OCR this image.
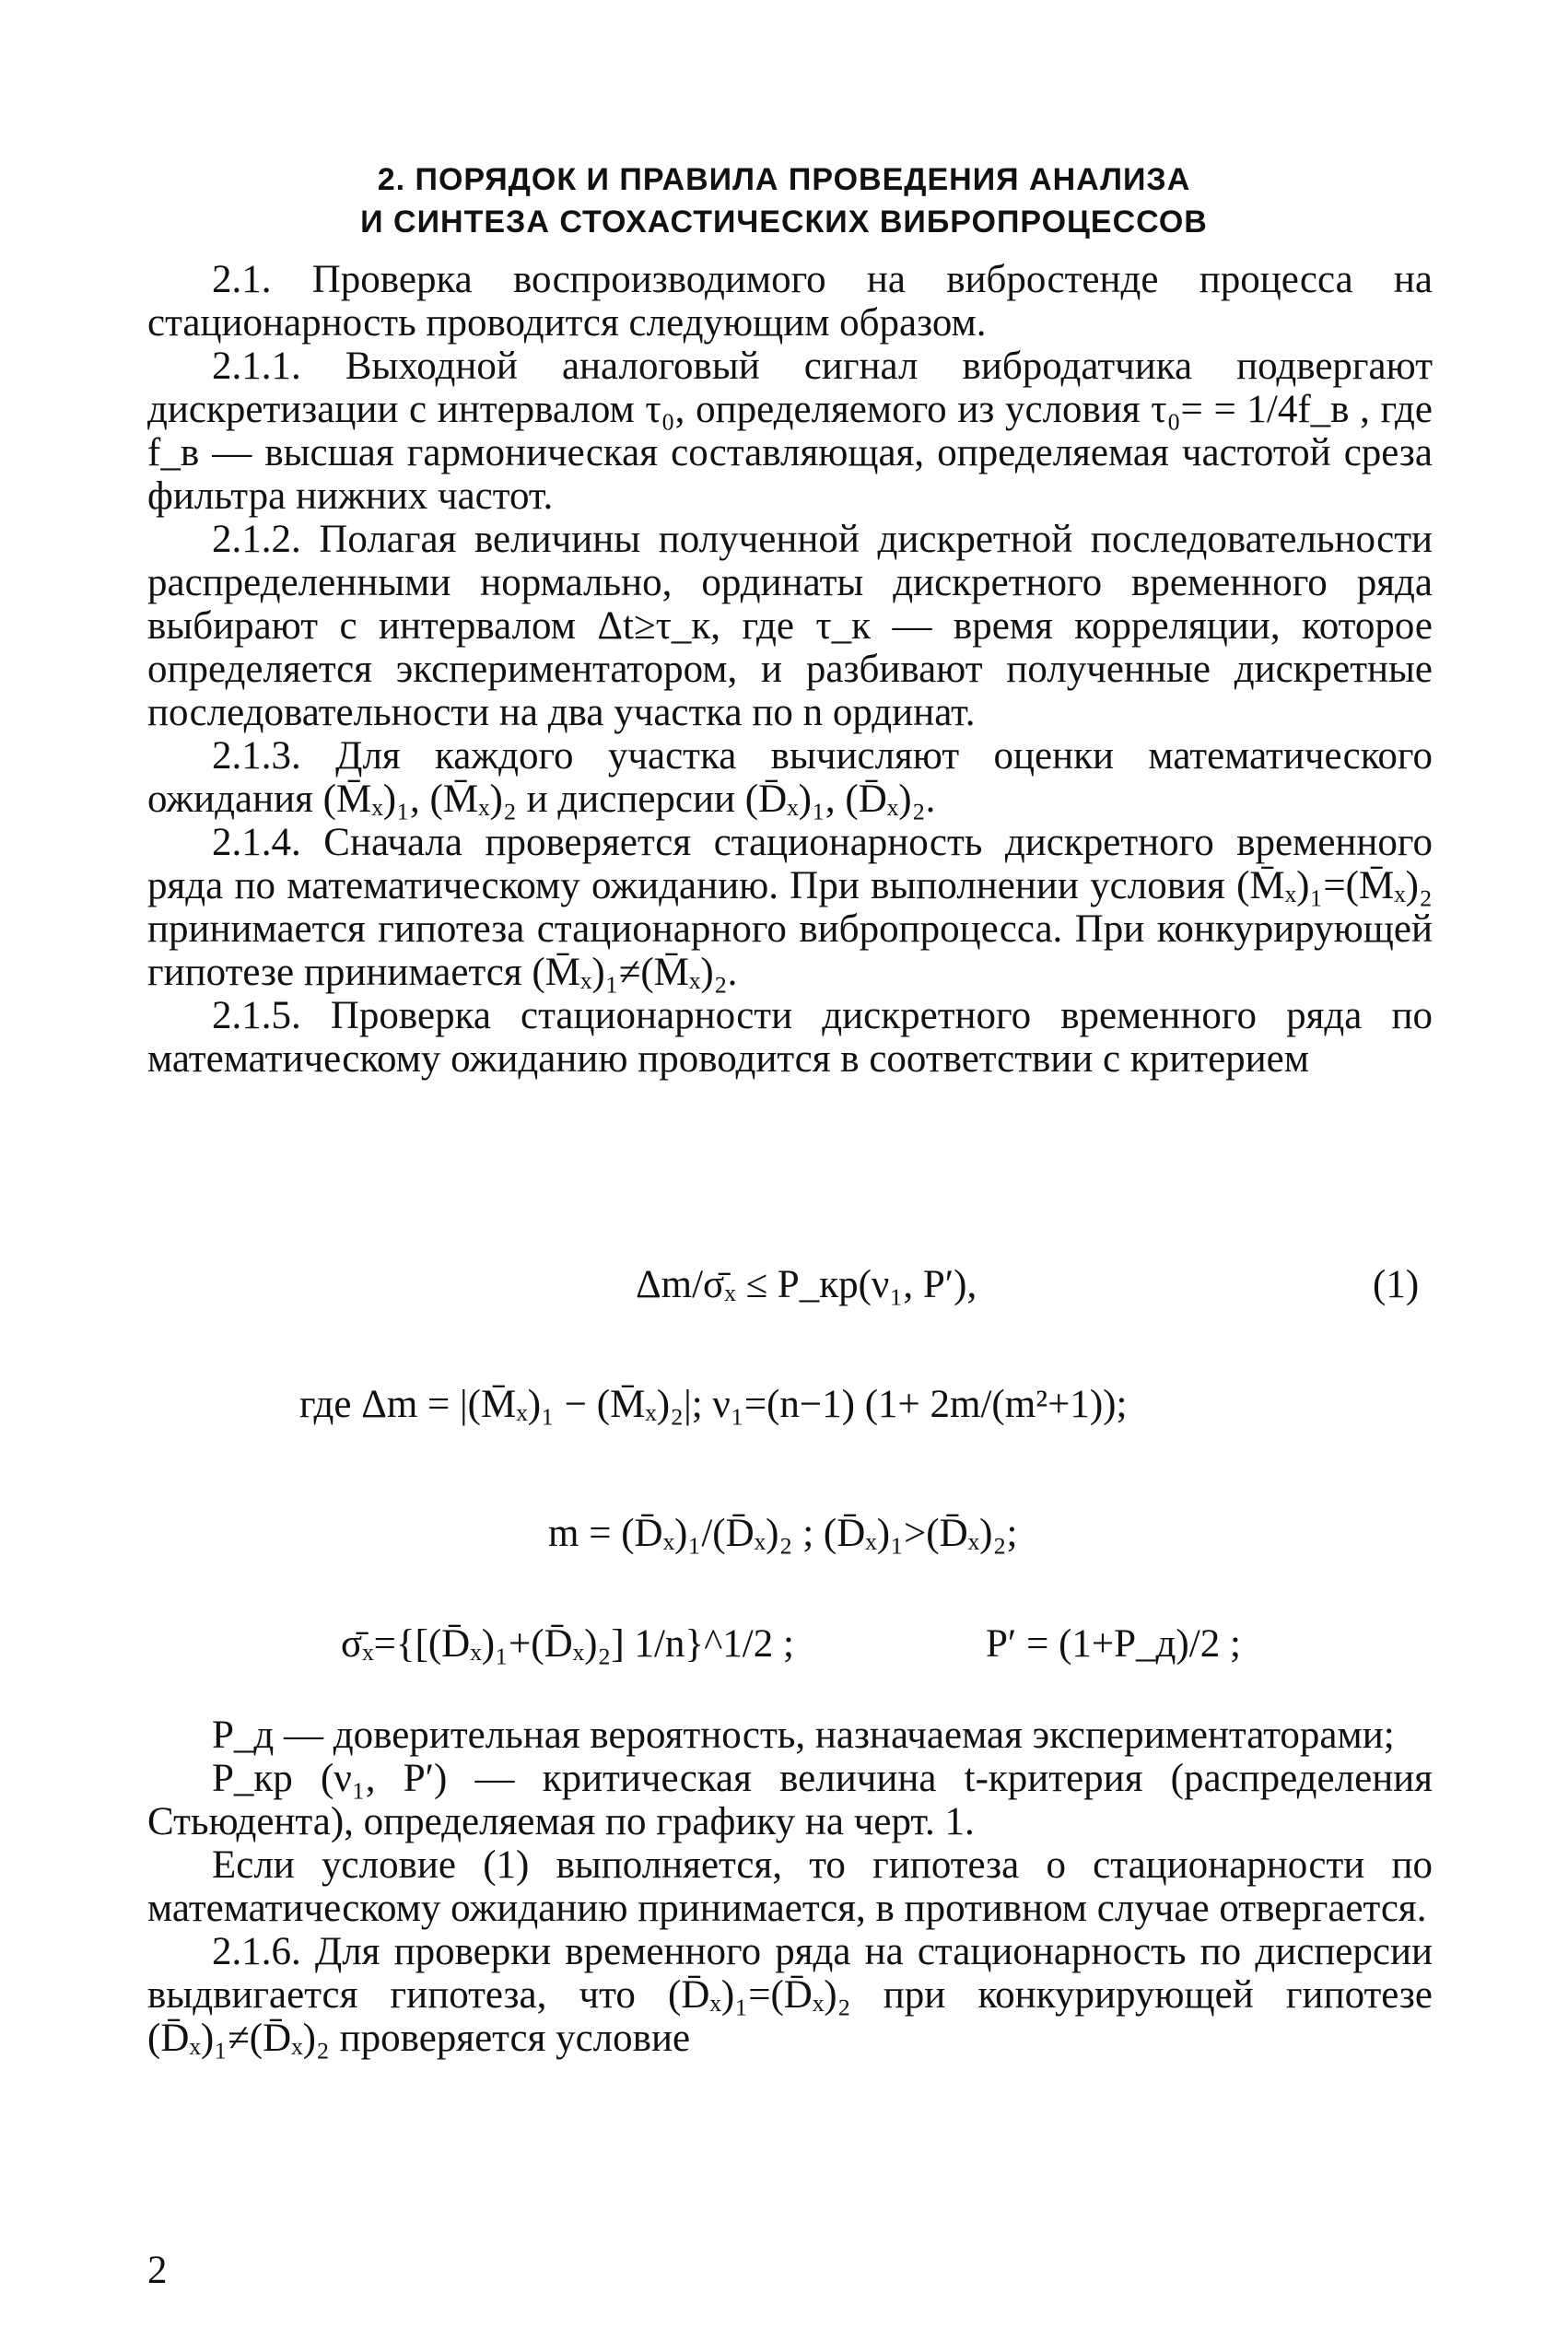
2. ПОРЯДОК И ПРАВИЛА ПРОВЕДЕНИЯ АНАЛИЗА
И СИНТЕЗА СТОХАСТИЧЕСКИХ ВИБРОПРОЦЕССОВ

2.1. Проверка воспроизводимого на вибростенде процесса на стационарность проводится следующим образом.

2.1.1. Выходной аналоговый сигнал вибродатчика подвергают дискретизации с интервалом τ₀, определяемого из условия τ₀= = 1/4f_в , где f_в — высшая гармоническая составляющая, определяемая частотой среза фильтра нижних частот.

2.1.2. Полагая величины полученной дискретной последовательности распределенными нормально, ординаты дискретного временного ряда выбирают с интервалом Δt≥τ_к, где τ_к — время корреляции, которое определяется экспериментатором, и разбивают полученные дискретные последовательности на два участка по n ординат.

2.1.3. Для каждого участка вычисляют оценки математического ожидания (M̄ₓ)₁, (M̄ₓ)₂ и дисперсии (D̄ₓ)₁, (D̄ₓ)₂.

2.1.4. Сначала проверяется стационарность дискретного временного ряда по математическому ожиданию. При выполнении условия (M̄ₓ)₁=(M̄ₓ)₂ принимается гипотеза стационарного вибропроцесса. При конкурирующей гипотезе принимается (M̄ₓ)₁≠(M̄ₓ)₂.

2.1.5. Проверка стационарности дискретного временного ряда по математическому ожиданию проводится в соответствии с критерием

Δm/σ̄ₓ ≤ P_кр(ν₁, P′),	(1)
где Δm = |(M̄ₓ)₁ − (M̄ₓ)₂|; ν₁=(n−1) (1+ 2m/(m²+1));
m = (D̄ₓ)₁/(D̄ₓ)₂ ; (D̄ₓ)₁>(D̄ₓ)₂;
σ̄ₓ={[(D̄ₓ)₁+(D̄ₓ)₂] 1/n}^1/2 ;	P′ = (1+P_д)/2 ;

P_д — доверительная вероятность, назначаемая экспериментаторами;

P_кр (ν₁, P′) — критическая величина t-критерия (распределения Стьюдента), определяемая по графику на черт. 1.

Если условие (1) выполняется, то гипотеза о стационарности по математическому ожиданию принимается, в противном случае отвергается.

2.1.6. Для проверки временного ряда на стационарность по дисперсии выдвигается гипотеза, что (D̄ₓ)₁=(D̄ₓ)₂ при конкурирующей гипотезе (D̄ₓ)₁≠(D̄ₓ)₂ проверяется условие

2
